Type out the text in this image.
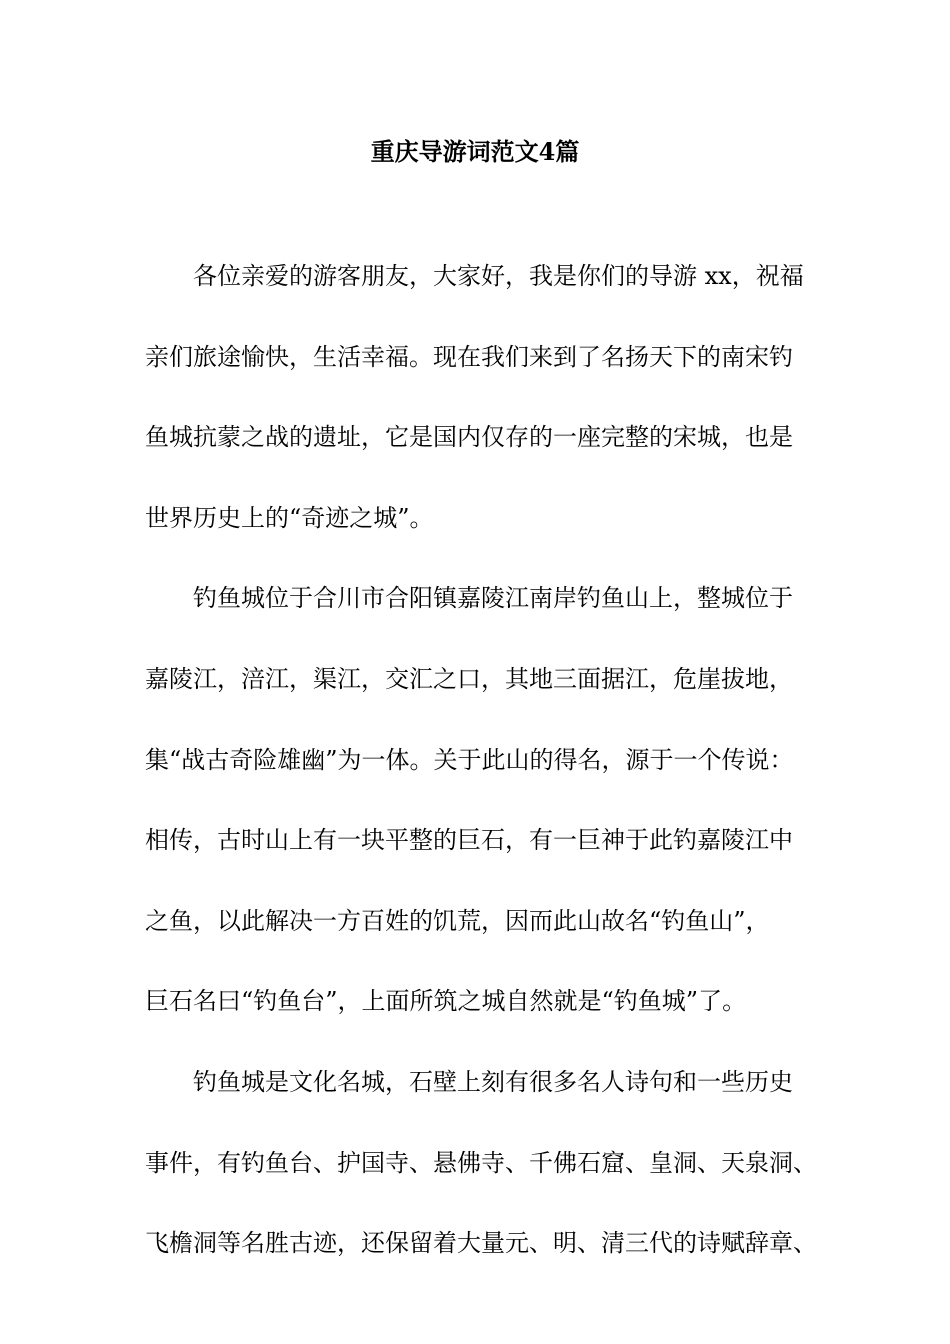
重庆导游词范文4篇
各位亲爱的游客朋友，大家好，我是你们的导游 xx，祝福
亲们旅途愉快，生活幸福。现在我们来到了名扬天下的南宋钓
鱼城抗蒙之战的遗址，它是国内仅存的一座完整的宋城，也是
世界历史上的“奇迹之城”。
钓鱼城位于合川市合阳镇嘉陵江南岸钓鱼山上，整城位于
嘉陵江，涪江，渠江，交汇之口，其地三面据江，危崖拔地，
集“战古奇险雄幽”为一体。关于此山的得名，源于一个传说：
相传，古时山上有一块平整的巨石，有一巨神于此钓嘉陵江中
之鱼，以此解决一方百姓的饥荒，因而此山故名“钓鱼山”，
巨石名曰“钓鱼台”，上面所筑之城自然就是“钓鱼城”了。
钓鱼城是文化名城，石壁上刻有很多名人诗句和一些历史
事件，有钓鱼台、护国寺、悬佛寺、千佛石窟、皇洞、天泉洞、
飞檐洞等名胜古迹，还保留着大量元、明、清三代的诗赋辞章、
